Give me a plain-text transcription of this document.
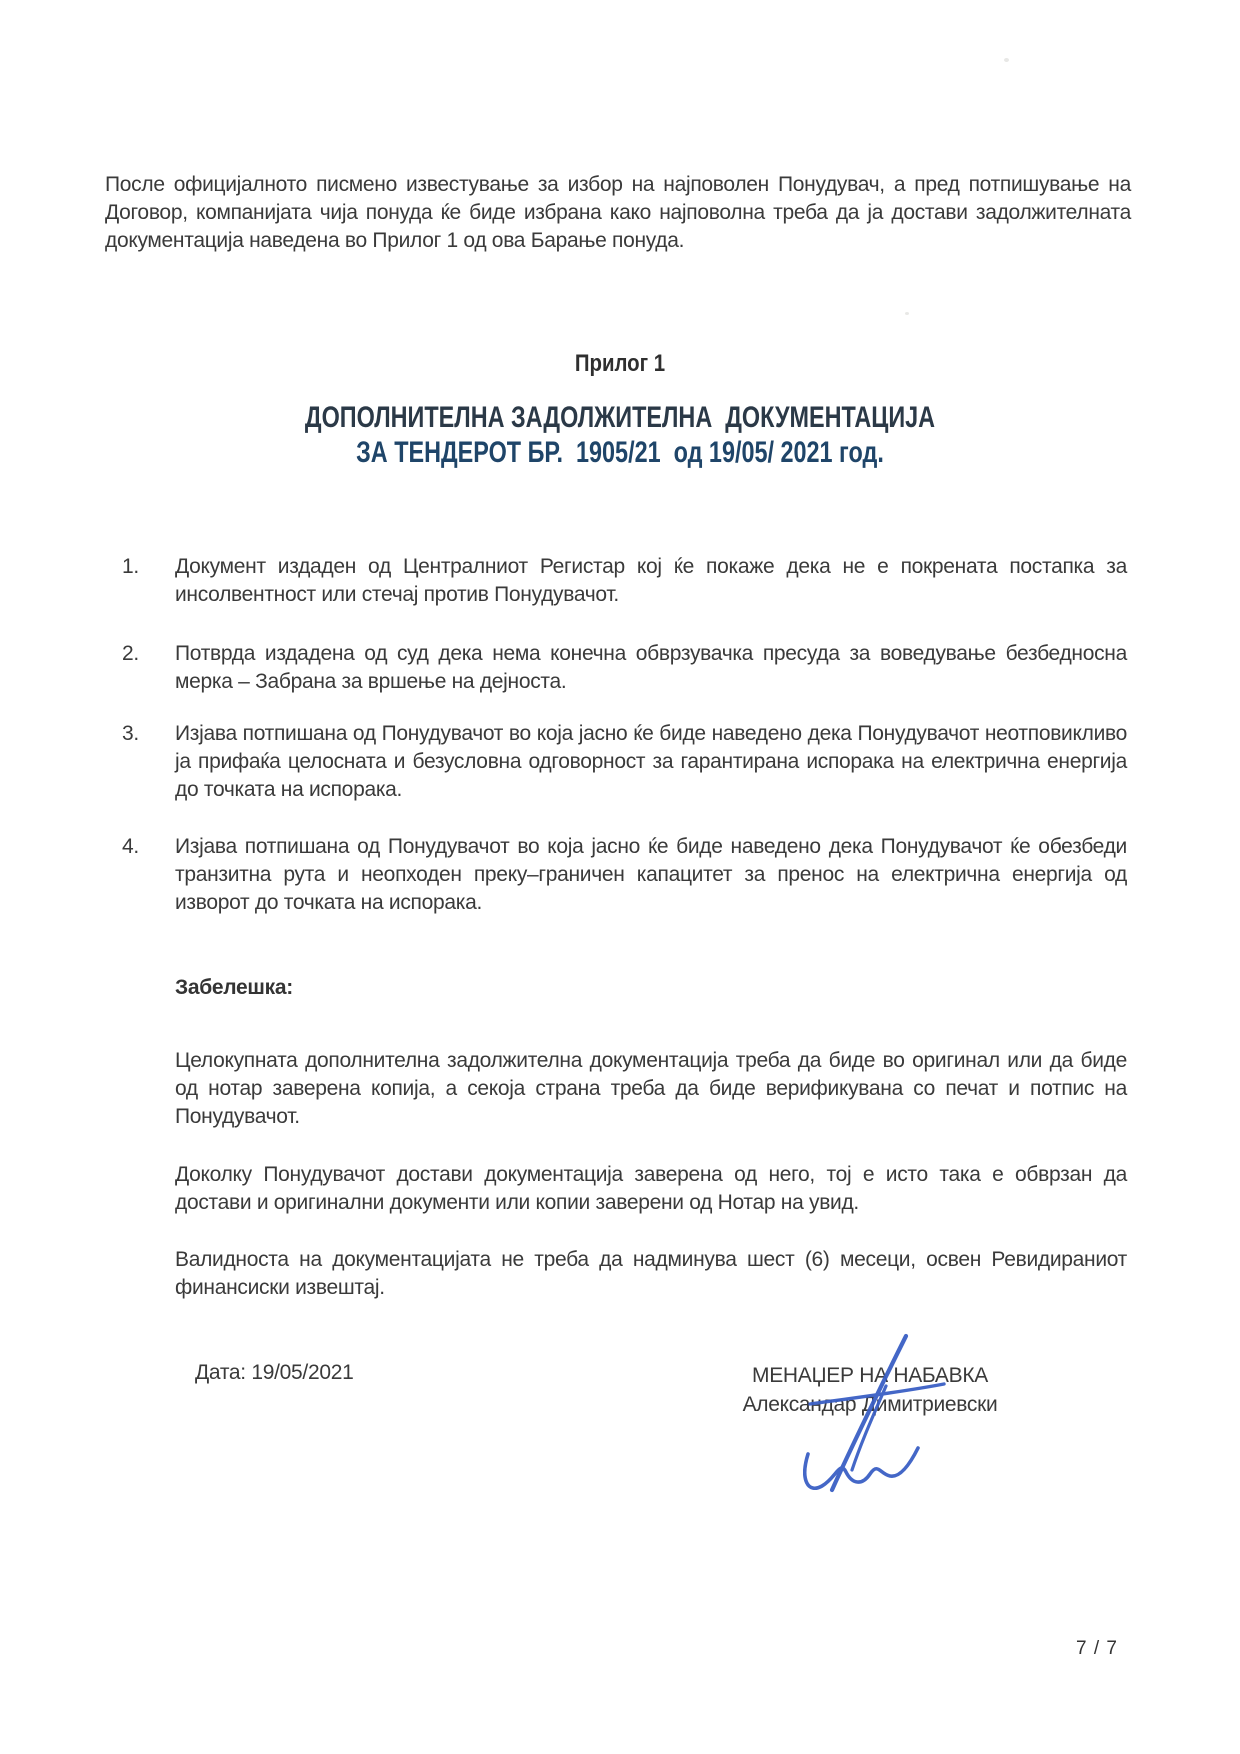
После официјалното писмено известување за избор на најповолен Понудувач, а пред потпишување на Договор, компанијата чија понуда ќе биде избрана како најповолна треба да ја достави задолжителната документација наведена во Прилог 1 од ова Барање понуда.

Прилог 1
ДОПОЛНИТЕЛНА ЗАДОЛЖИТЕЛНА  ДОКУМЕНТАЦИЈА
ЗА ТЕНДЕРОТ БР.  1905/21  од 19/05/ 2021 год.
1.	Документ издаден од Централниот Регистар кој ќе покаже дека не е покрената постапка за инсолвентност или стечај против Понудувачот.
2.	Потврда издадена од суд дека нема конечна обврзувачка пресуда за воведување безбедносна мерка – Забрана за вршење на дејноста.
3.	Изјава потпишана од Понудувачот во која јасно ќе биде наведено дека Понудувачот неотповикливо ја прифаќа целосната и безусловна одговорност за гарантирана испорака на електрична енергија до точката на испорака.
4.	Изјава потпишана од Понудувачот во која јасно ќе биде наведено дека Понудувачот ќе обезбеди транзитна рута и неопходен преку–граничен капацитет за пренос на електрична енергија од изворот до точката на испорака.
Забелешка:

Целокупната дополнителна задолжителна документација треба да биде во оригинал или да биде од нотар заверена копија, а секоја страна треба да биде верификувана со печат и потпис на Понудувачот.

Доколку Понудувачот достави документација заверена од него, тој е исто така е обврзан да достави и оригинални документи или копии заверени од Нотар на увид.

Валидноста на документацијата не треба да надминува шест (6) месеци, освен Ревидираниот финансиски извештај.

Дата: 19/05/2021	МЕНАЏЕР НА НАБАВКА
Александар Димитриевски
7 / 7
